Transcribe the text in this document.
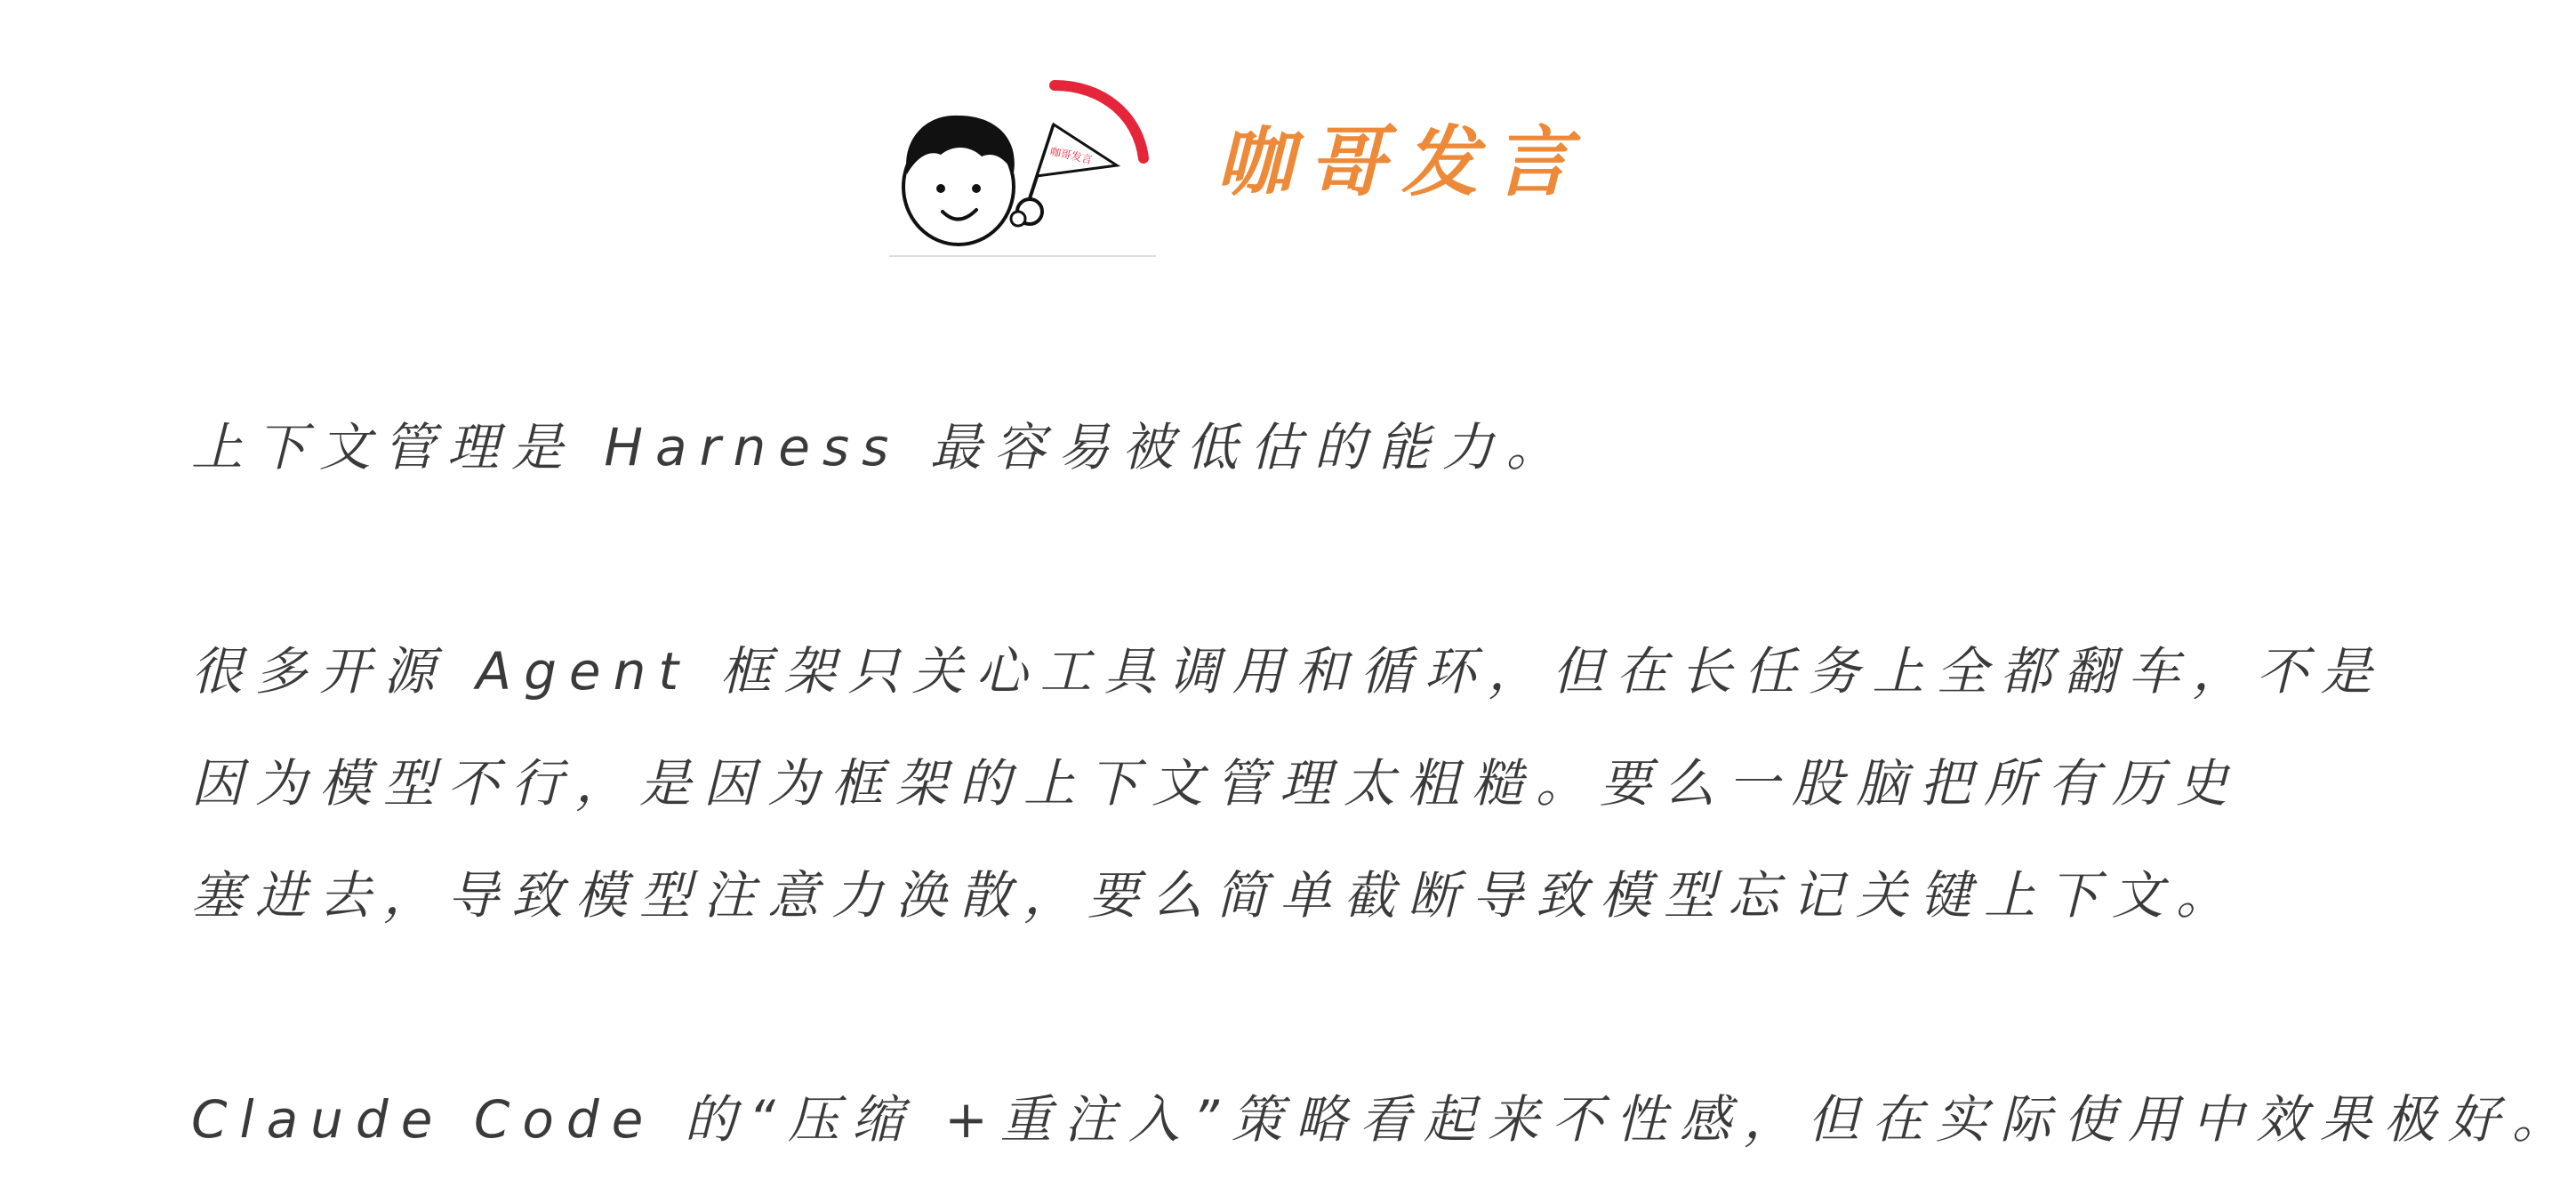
咖哥发言 咖哥发言

上下文管理是 Harness 最容易被低估的能力。

很多开源 Agent 框架只关心工具调用和循环，但在长任务上全都翻车，不是

因为模型不行，是因为框架的上下文管理太粗糙。要么一股脑把所有历史

塞进去，导致模型注意力涣散，要么简单截断导致模型忘记关键上下文。

Claude Code 的“压缩 +重注入”策略看起来不性感，但在实际使用中效果极好。
